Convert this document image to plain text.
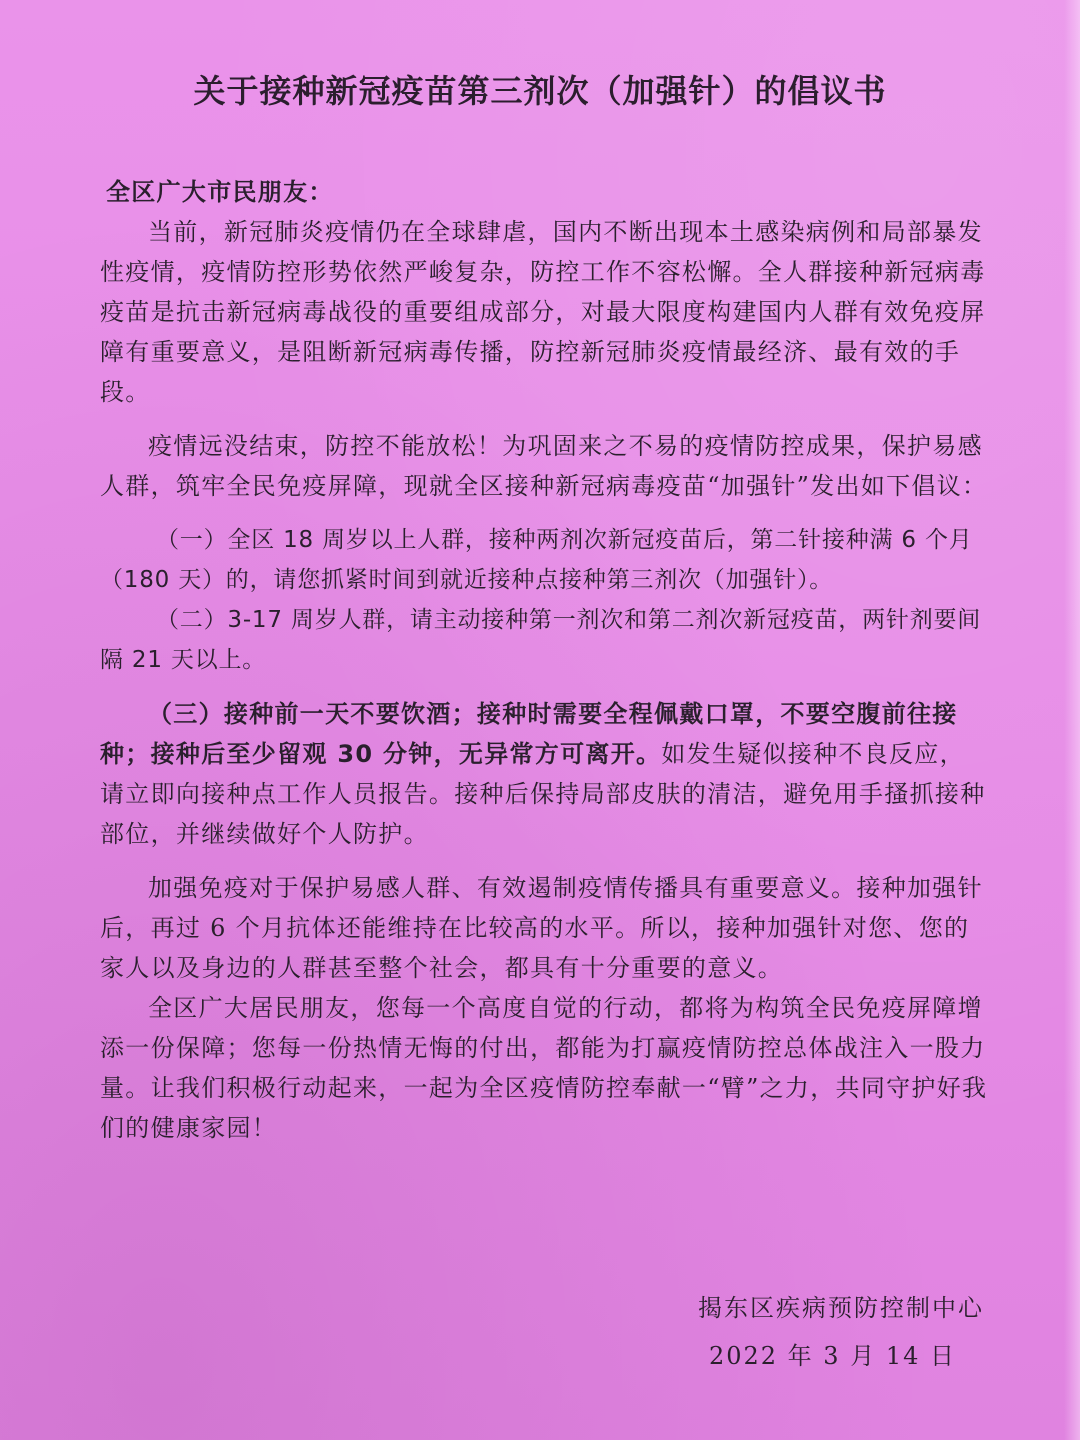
关于接种新冠疫苗第三剂次（加强针）的倡议书

全区广大市民朋友：

当前，新冠肺炎疫情仍在全球肆虐，国内不断出现本土感染病例和局部暴发性疫情，疫情防控形势依然严峻复杂，防控工作不容松懈。全人群接种新冠病毒疫苗是抗击新冠病毒战役的重要组成部分，对最大限度构建国内人群有效免疫屏障有重要意义，是阻断新冠病毒传播，防控新冠肺炎疫情最经济、最有效的手段。

疫情远没结束，防控不能放松！为巩固来之不易的疫情防控成果，保护易感人群，筑牢全民免疫屏障，现就全区接种新冠病毒疫苗“加强针”发出如下倡议：

（一）全区 18 周岁以上人群，接种两剂次新冠疫苗后，第二针接种满 6 个月（180 天）的，请您抓紧时间到就近接种点接种第三剂次（加强针）。

（二）3-17 周岁人群，请主动接种第一剂次和第二剂次新冠疫苗，两针剂要间隔 21 天以上。

（三）接种前一天不要饮酒；接种时需要全程佩戴口罩，不要空腹前往接种；接种后至少留观 30 分钟，无异常方可离开。如发生疑似接种不良反应，请立即向接种点工作人员报告。接种后保持局部皮肤的清洁，避免用手搔抓接种部位，并继续做好个人防护。

加强免疫对于保护易感人群、有效遏制疫情传播具有重要意义。接种加强针后，再过 6 个月抗体还能维持在比较高的水平。所以，接种加强针对您、您的家人以及身边的人群甚至整个社会，都具有十分重要的意义。

全区广大居民朋友，您每一个高度自觉的行动，都将为构筑全民免疫屏障增添一份保障；您每一份热情无悔的付出，都能为打赢疫情防控总体战注入一股力量。让我们积极行动起来，一起为全区疫情防控奉献一“臂”之力，共同守护好我们的健康家园！

揭东区疾病预防控制中心
2022 年 3 月 14 日
